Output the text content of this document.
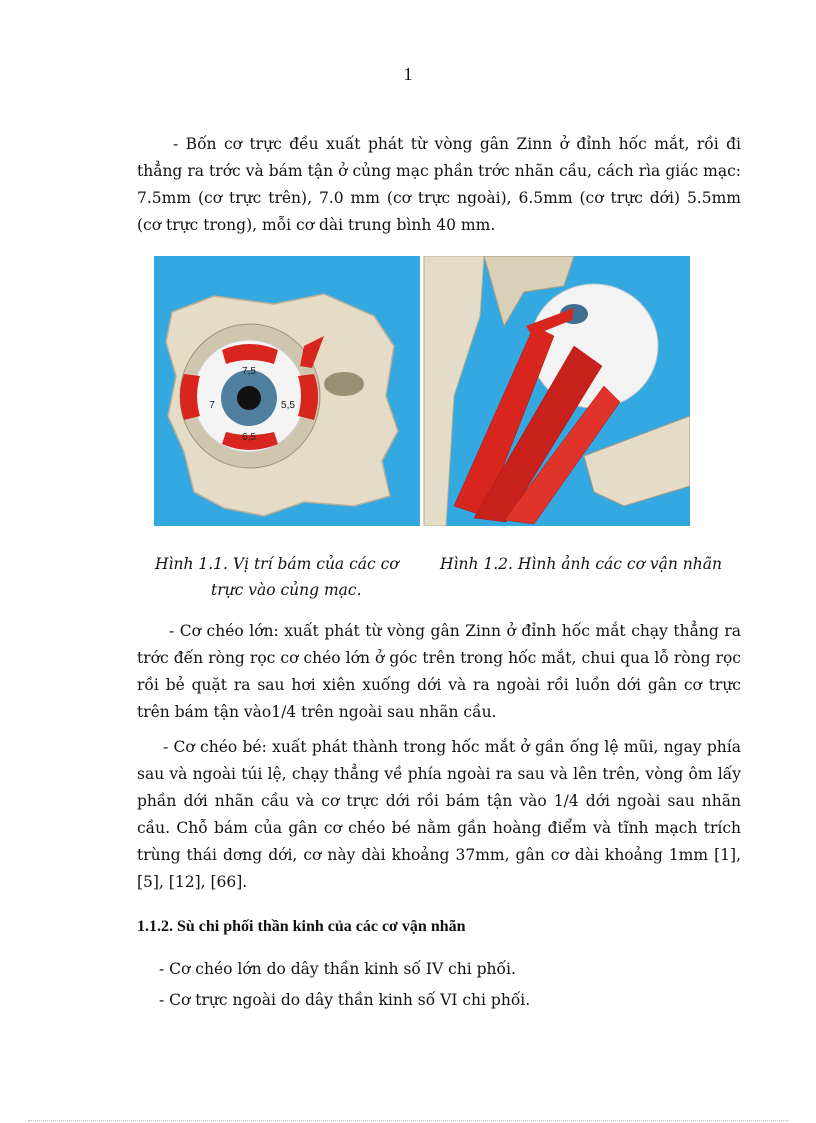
1

- Bốn cơ trực đều xuất phát từ vòng gân Zinn ở đỉnh hốc mắt, rồi đi thẳng ra trớc và bám tận ở củng mạc phần trớc nhãn cầu, cách rìa giác mạc: 7.5mm (cơ trực trên), 7.0 mm (cơ trực ngoài), 6.5mm (cơ trực dới) 5.5mm (cơ trực trong), mỗi cơ dài trung bình 40 mm.

7,5
7	5,5
6,5
Hình 1.1. Vị trí bám của các cơ
trực vào củng mạc.
Hình 1.2. Hình ảnh các cơ vận nhãn

- Cơ chéo lớn: xuất phát từ vòng gân Zinn ở đỉnh hốc mắt chạy thẳng ra trớc đến ròng rọc cơ chéo lớn ở góc trên trong hốc mắt, chui qua lỗ ròng rọc rồi bẻ quặt ra sau hơi xiên xuống dới và ra ngoài rồi luồn dới gân cơ trực trên bám tận vào1/4 trên ngoài sau nhãn cầu.

- Cơ chéo bé: xuất phát thành trong hốc mắt ở gần ống lệ mũi, ngay phía sau và ngoài túi lệ, chạy thẳng về phía ngoài ra sau và lên trên, vòng ôm lấy phần dới nhãn cầu và cơ trực dới rồi bám tận vào 1/4 dới ngoài sau nhãn cầu. Chỗ bám của gân cơ chéo bé nằm gần hoàng điểm và tĩnh mạch trích trùng thái dơng dới, cơ này dài khoảng 37mm, gân cơ dài khoảng 1mm [1], [5], [12], [66].

1.1.2. Sù chi phối thần kinh của các cơ vận nhãn
- Cơ chéo lớn do dây thần kinh số IV chi phối.
- Cơ trực ngoài do dây thần kinh số VI chi phối.
